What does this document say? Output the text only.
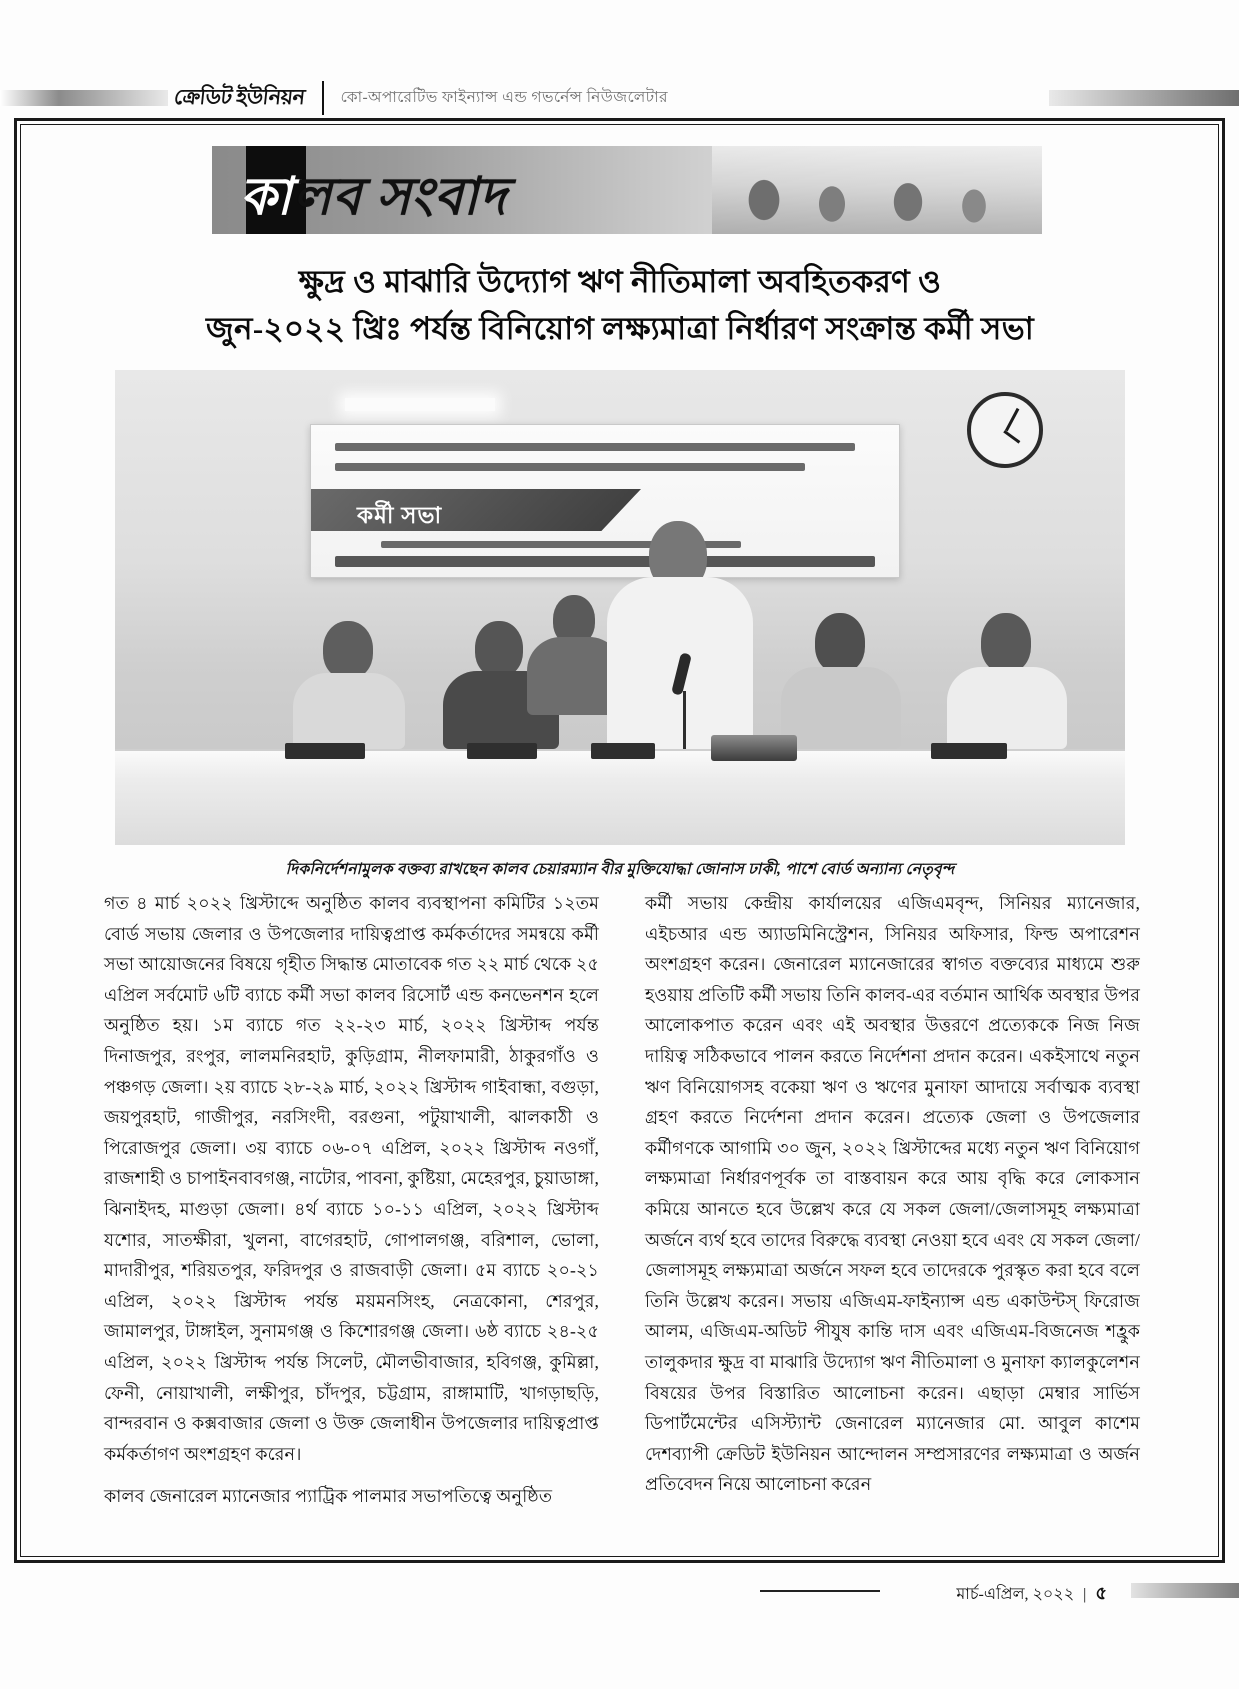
ক্রেডিট ইউনিয়ন কো-অপারেটিভ ফাইন্যান্স এন্ড গভর্নেন্স নিউজলেটার
কালব সংবাদ
ক্ষুদ্র ও মাঝারি উদ্যোগ ঋণ নীতিমালা অবহিতকরণ ও
জুন-২০২২ খ্রিঃ পর্যন্ত বিনিয়োগ লক্ষ্যমাত্রা নির্ধারণ সংক্রান্ত কর্মী সভা
কর্মী সভা
দিকনির্দেশনামুলক বক্তব্য রাখছেন কালব চেয়ারম্যান বীর মুক্তিযোদ্ধা জোনাস ঢাকী, পাশে বোর্ড অন্যান্য নেতৃবৃন্দ

গত ৪ মার্চ ২০২২ খ্রিস্টাব্দে অনুষ্ঠিত কালব ব্যবস্থাপনা কমিটির ১২তম বোর্ড সভায় জেলার ও উপজেলার দায়িত্বপ্রাপ্ত কর্মকর্তাদের সমন্বয়ে কর্মী সভা আয়োজনের বিষয়ে গৃহীত সিদ্ধান্ত মোতাবেক গত ২২ মার্চ থেকে ২৫ এপ্রিল সর্বমোট ৬টি ব্যাচে কর্মী সভা কালব রিসোর্ট এন্ড কনভেনশন হলে অনুষ্ঠিত হয়। ১ম ব্যাচে গত ২২-২৩ মার্চ, ২০২২ খ্রিস্টাব্দ পর্যন্ত দিনাজপুর, রংপুর, লালমনিরহাট, কুড়িগ্রাম, নীলফামারী, ঠাকুরগাঁও ও পঞ্চগড় জেলা। ২য় ব্যাচে ২৮-২৯ মার্চ, ২০২২ খ্রিস্টাব্দ গাইবান্ধা, বগুড়া, জয়পুরহাট, গাজীপুর, নরসিংদী, বরগুনা, পটুয়াখালী, ঝালকাঠী ও পিরোজপুর জেলা। ৩য় ব্যাচে ০৬-০৭ এপ্রিল, ২০২২ খ্রিস্টাব্দ নওগাঁ, রাজশাহী ও চাপাইনবাবগঞ্জ, নাটোর, পাবনা, কুষ্টিয়া, মেহেরপুর, চুয়াডাঙ্গা, ঝিনাইদহ, মাগুড়া জেলা। ৪র্থ ব্যাচে ১০-১১ এপ্রিল, ২০২২ খ্রিস্টাব্দ যশোর, সাতক্ষীরা, খুলনা, বাগেরহাট, গোপালগঞ্জ, বরিশাল, ভোলা, মাদারীপুর, শরিয়তপুর, ফরিদপুর ও রাজবাড়ী জেলা। ৫ম ব্যাচে ২০-২১ এপ্রিল, ২০২২ খ্রিস্টাব্দ পর্যন্ত ময়মনসিংহ, নেত্রকোনা, শেরপুর, জামালপুর, টাঙ্গাইল, সুনামগঞ্জ ও কিশোরগঞ্জ জেলা। ৬ষ্ঠ ব্যাচে ২৪-২৫ এপ্রিল, ২০২২ খ্রিস্টাব্দ পর্যন্ত সিলেট, মৌলভীবাজার, হবিগঞ্জ, কুমিল্লা, ফেনী, নোয়াখালী, লক্ষীপুর, চাঁদপুর, চট্টগ্রাম, রাঙ্গামাটি, খাগড়াছড়ি, বান্দরবান ও কক্সবাজার জেলা ও উক্ত জেলাধীন উপজেলার দায়িত্বপ্রাপ্ত কর্মকর্তাগণ অংশগ্রহণ করেন।

কালব জেনারেল ম্যানেজার প্যাট্রিক পালমার সভাপতিত্বে অনুষ্ঠিত

কর্মী সভায় কেন্দ্রীয় কার্যালয়ের এজিএমবৃন্দ, সিনিয়র ম্যানেজার, এইচআর এন্ড অ্যাডমিনিস্ট্রেশন, সিনিয়র অফিসার, ফিল্ড অপারেশন অংশগ্রহণ করেন। জেনারেল ম্যানেজারের স্বাগত বক্তব্যের মাধ্যমে শুরু হওয়ায় প্রতিটি কর্মী সভায় তিনি কালব-এর বর্তমান আর্থিক অবস্থার উপর আলোকপাত করেন এবং এই অবস্থার উত্তরণে প্রত্যেককে নিজ নিজ দায়িত্ব সঠিকভাবে পালন করতে নির্দেশনা প্রদান করেন। একইসাথে নতুন ঋণ বিনিয়োগসহ বকেয়া ঋণ ও ঋণের মুনাফা আদায়ে সর্বাত্মক ব্যবস্থা গ্রহণ করতে নির্দেশনা প্রদান করেন। প্রত্যেক জেলা ও উপজেলার কর্মীগণকে আগামি ৩০ জুন, ২০২২ খ্রিস্টাব্দের মধ্যে নতুন ঋণ বিনিয়োগ লক্ষ্যমাত্রা নির্ধারণপূর্বক তা বাস্তবায়ন করে আয় বৃদ্ধি করে লোকসান কমিয়ে আনতে হবে উল্লেখ করে যে সকল জেলা/জেলাসমূহ লক্ষ্যমাত্রা অর্জনে ব্যর্থ হবে তাদের বিরুদ্ধে ব্যবস্থা নেওয়া হবে এবং যে সকল জেলা/জেলাসমূহ লক্ষ্যমাত্রা অর্জনে সফল হবে তাদেরকে পুরস্কৃত করা হবে বলে তিনি উল্লেখ করেন। সভায় এজিএম-ফাইন্যান্স এন্ড একাউন্টস্ ফিরোজ আলম, এজিএম-অডিট পীযুষ কান্তি দাস এবং এজিএম-বিজনেজ শহ্রুক তালুকদার ক্ষুদ্র বা মাঝারি উদ্যোগ ঋণ নীতিমালা ও মুনাফা ক্যালকুলেশন বিষয়ের উপর বিস্তারিত আলোচনা করেন। এছাড়া মেম্বার সার্ভিস ডিপার্টমেন্টের এসিস্ট্যান্ট জেনারেল ম্যানেজার মো. আবুল কাশেম দেশব্যাপী ক্রেডিট ইউনিয়ন আন্দোলন সম্প্রসারণের লক্ষ্যমাত্রা ও অর্জন প্রতিবেদন নিয়ে আলোচনা করেন

মার্চ-এপ্রিল, ২০২২ | ৫
